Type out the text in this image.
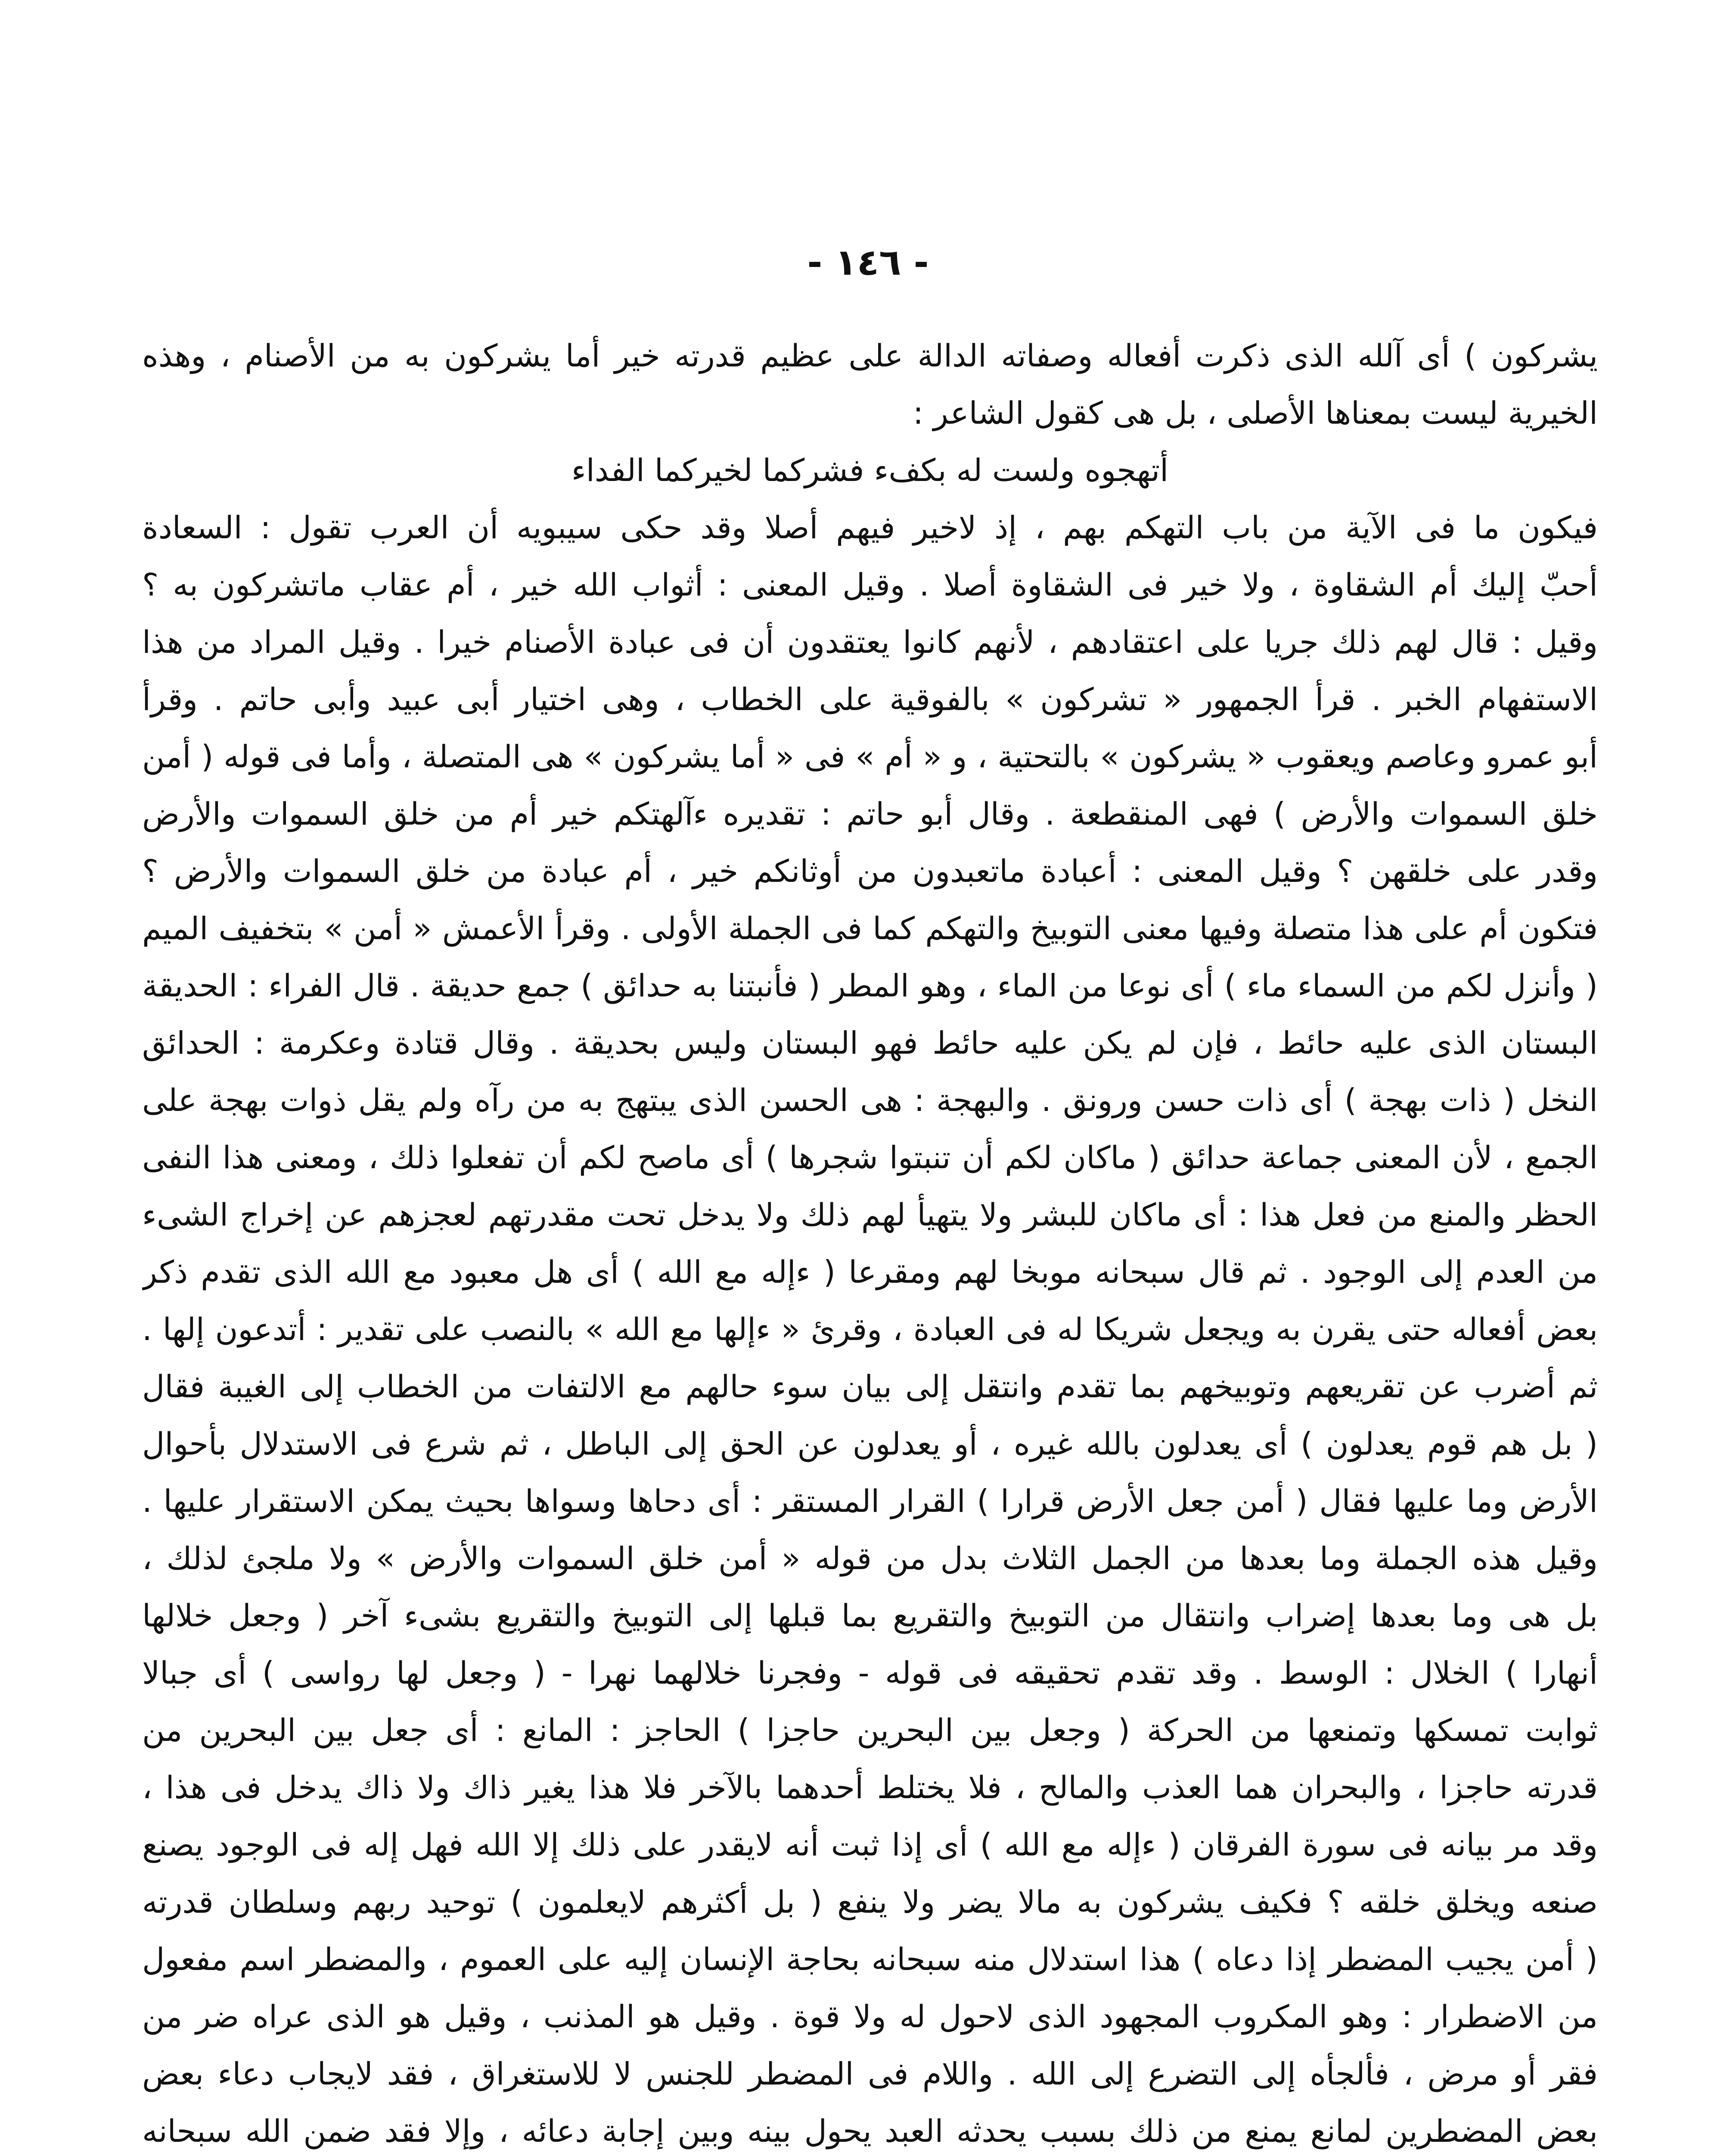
- ١٤٦ -
يشركون ) أى آلله الذى ذكرت أفعاله وصفاته الدالة على عظيم قدرته خير أما يشركون به من الأصنام ، وهذه
الخيرية ليست بمعناها الأصلى ، بل هى كقول الشاعر :
أتهجوه ولست له بكفء فشركما لخيركما الفداء
فيكون ما فى الآية من باب التهكم بهم ، إذ لاخير فيهم أصلا وقد حكى سيبويه أن العرب تقول : السعادة
أحبّ إليك أم الشقاوة ، ولا خير فى الشقاوة أصلا . وقيل المعنى : أثواب الله خير ، أم عقاب ماتشركون به ؟
وقيل : قال لهم ذلك جريا على اعتقادهم ، لأنهم كانوا يعتقدون أن فى عبادة الأصنام خيرا . وقيل المراد من هذا
الاستفهام الخبر . قرأ الجمهور « تشركون » بالفوقية على الخطاب ، وهى اختيار أبى عبيد وأبى حاتم . وقرأ
أبو عمرو وعاصم ويعقوب « يشركون » بالتحتية ، و « أم » فى « أما يشركون » هى المتصلة ، وأما فى قوله ( أمن
خلق السموات والأرض ) فهى المنقطعة . وقال أبو حاتم : تقديره ءآلهتكم خير أم من خلق السموات والأرض
وقدر على خلقهن ؟ وقيل المعنى : أعبادة ماتعبدون من أوثانكم خير ، أم عبادة من خلق السموات والأرض ؟
فتكون أم على هذا متصلة وفيها معنى التوبيخ والتهكم كما فى الجملة الأولى . وقرأ الأعمش « أمن » بتخفيف الميم
( وأنزل لكم من السماء ماء ) أى نوعا من الماء ، وهو المطر ( فأنبتنا به حدائق ) جمع حديقة . قال الفراء : الحديقة
البستان الذى عليه حائط ، فإن لم يكن عليه حائط فهو البستان وليس بحديقة . وقال قتادة وعكرمة : الحدائق
النخل ( ذات بهجة ) أى ذات حسن ورونق . والبهجة : هى الحسن الذى يبتهج به من رآه ولم يقل ذوات بهجة على
الجمع ، لأن المعنى جماعة حدائق ( ماكان لكم أن تنبتوا شجرها ) أى ماصح لكم أن تفعلوا ذلك ، ومعنى هذا النفى
الحظر والمنع من فعل هذا : أى ماكان للبشر ولا يتهيأ لهم ذلك ولا يدخل تحت مقدرتهم لعجزهم عن إخراج الشىء
من العدم إلى الوجود . ثم قال سبحانه موبخا لهم ومقرعا ( ءإله مع الله ) أى هل معبود مع الله الذى تقدم ذكر
بعض أفعاله حتى يقرن به ويجعل شريكا له فى العبادة ، وقرئ « ءإلها مع الله » بالنصب على تقدير : أتدعون إلها .
ثم أضرب عن تقريعهم وتوبيخهم بما تقدم وانتقل إلى بيان سوء حالهم مع الالتفات من الخطاب إلى الغيبة فقال
( بل هم قوم يعدلون ) أى يعدلون بالله غيره ، أو يعدلون عن الحق إلى الباطل ، ثم شرع فى الاستدلال بأحوال
الأرض وما عليها فقال ( أمن جعل الأرض قرارا ) القرار المستقر : أى دحاها وسواها بحيث يمكن الاستقرار عليها .
وقيل هذه الجملة وما بعدها من الجمل الثلاث بدل من قوله « أمن خلق السموات والأرض » ولا ملجئ لذلك ،
بل هى وما بعدها إضراب وانتقال من التوبيخ والتقريع بما قبلها إلى التوبيخ والتقريع بشىء آخر ( وجعل خلالها
أنهارا ) الخلال : الوسط . وقد تقدم تحقيقه فى قوله - وفجرنا خلالهما نهرا - ( وجعل لها رواسى ) أى جبالا
ثوابت تمسكها وتمنعها من الحركة ( وجعل بين البحرين حاجزا ) الحاجز : المانع : أى جعل بين البحرين من
قدرته حاجزا ، والبحران هما العذب والمالح ، فلا يختلط أحدهما بالآخر فلا هذا يغير ذاك ولا ذاك يدخل فى هذا ،
وقد مر بيانه فى سورة الفرقان ( ءإله مع الله ) أى إذا ثبت أنه لايقدر على ذلك إلا الله فهل إله فى الوجود يصنع
صنعه ويخلق خلقه ؟ فكيف يشركون به مالا يضر ولا ينفع ( بل أكثرهم لايعلمون ) توحيد ربهم وسلطان قدرته
( أمن يجيب المضطر إذا دعاه ) هذا استدلال منه سبحانه بحاجة الإنسان إليه على العموم ، والمضطر اسم مفعول
من الاضطرار : وهو المكروب المجهود الذى لاحول له ولا قوة . وقيل هو المذنب ، وقيل هو الذى عراه ضر من
فقر أو مرض ، فألجأه إلى التضرع إلى الله . واللام فى المضطر للجنس لا للاستغراق ، فقد لايجاب دعاء بعض
بعض المضطرين لمانع يمنع من ذلك بسبب يحدثه العبد يحول بينه وبين إجابة دعائه ، وإلا فقد ضمن الله سبحانه
